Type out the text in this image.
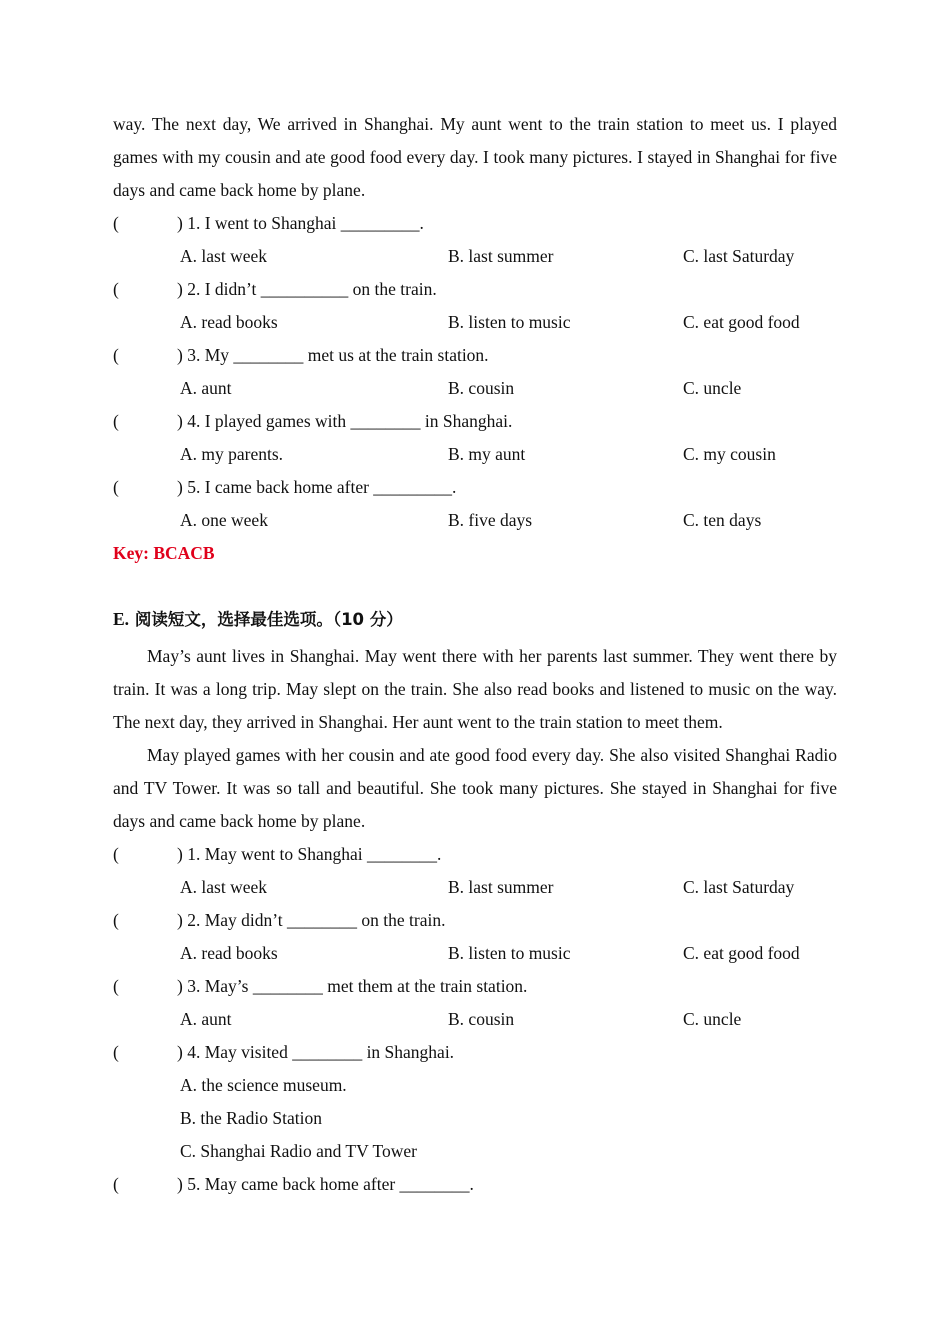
way. The next day, We arrived in Shanghai. My aunt went to the train station to meet us. I played games with my cousin and ate good food every day. I took many pictures. I stayed in Shanghai for five days and came back home by plane.

(	) 1. I went to Shanghai _________.
A. last week	B. last summer	C. last Saturday
(	) 2. I didn’t __________ on the train.
A. read books	B. listen to music	C. eat good food
(	) 3. My ________ met us at the train station.
A. aunt	B. cousin	C. uncle
(	) 4. I played games with ________ in Shanghai.
A. my parents.	B. my aunt	C. my cousin
(	) 5. I came back home after _________.
A. one week	B. five days	C. ten days
Key: BCACB
E. 阅读短文，选择最佳选项。（10 分）

May’s aunt lives in Shanghai. May went there with her parents last summer. They went there by train. It was a long trip. May slept on the train. She also read books and listened to music on the way. The next day, they arrived in Shanghai. Her aunt went to the train station to meet them.

May played games with her cousin and ate good food every day. She also visited Shanghai Radio and TV Tower. It was so tall and beautiful. She took many pictures. She stayed in Shanghai for five days and came back home by plane.

(	) 1. May went to Shanghai ________.
A. last week	B. last summer	C. last Saturday
(	) 2. May didn’t ________ on the train.
A. read books	B. listen to music	C. eat good food
(	) 3. May’s ________ met them at the train station.
A. aunt	B. cousin	C. uncle
(	) 4. May visited ________ in Shanghai.
A. the science museum.
B. the Radio Station
C. Shanghai Radio and TV Tower
(	) 5. May came back home after ________.
